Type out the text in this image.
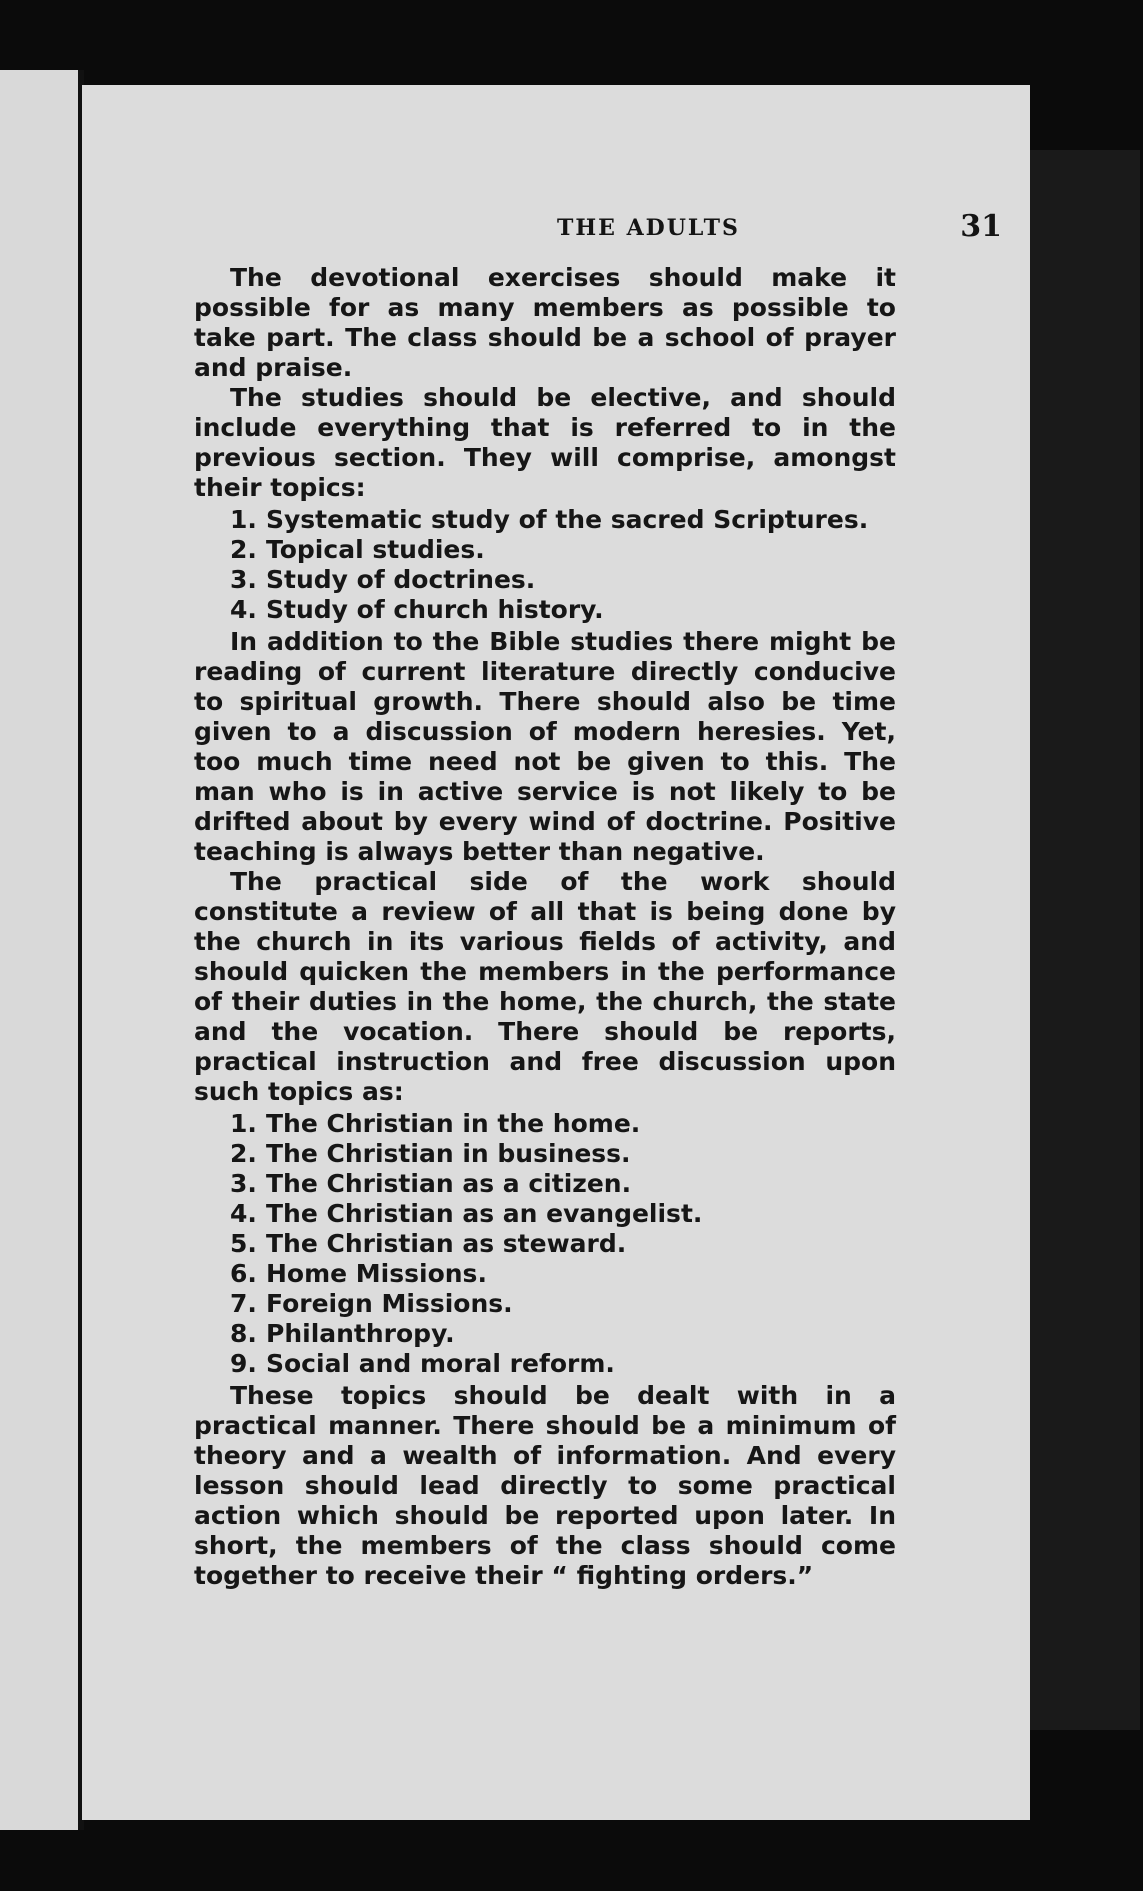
THE ADULTS	31

The devotional exercises should make it possible for as many members as possible to take part. The class should be a school of prayer and praise.

The studies should be elective, and should include everything that is referred to in the previous section. They will comprise, amongst their topics:

1. Systematic study of the sacred Scriptures.
2. Topical studies.
3. Study of doctrines.
4. Study of church history.

In addition to the Bible studies there might be reading of current literature directly conducive to spiritual growth. There should also be time given to a discussion of modern heresies. Yet, too much time need not be given to this. The man who is in active service is not likely to be drifted about by every wind of doctrine. Positive teaching is always better than negative.

The practical side of the work should constitute a review of all that is being done by the church in its various fields of activity, and should quicken the members in the performance of their duties in the home, the church, the state and the vocation. There should be reports, practical instruction and free discussion upon such topics as:

1. The Christian in the home.
2. The Christian in business.
3. The Christian as a citizen.
4. The Christian as an evangelist.
5. The Christian as steward.
6. Home Missions.
7. Foreign Missions.
8. Philanthropy.
9. Social and moral reform.

These topics should be dealt with in a practical manner. There should be a minimum of theory and a wealth of information. And every lesson should lead directly to some practical action which should be reported upon later. In short, the members of the class should come together to receive their “ fighting orders.”
